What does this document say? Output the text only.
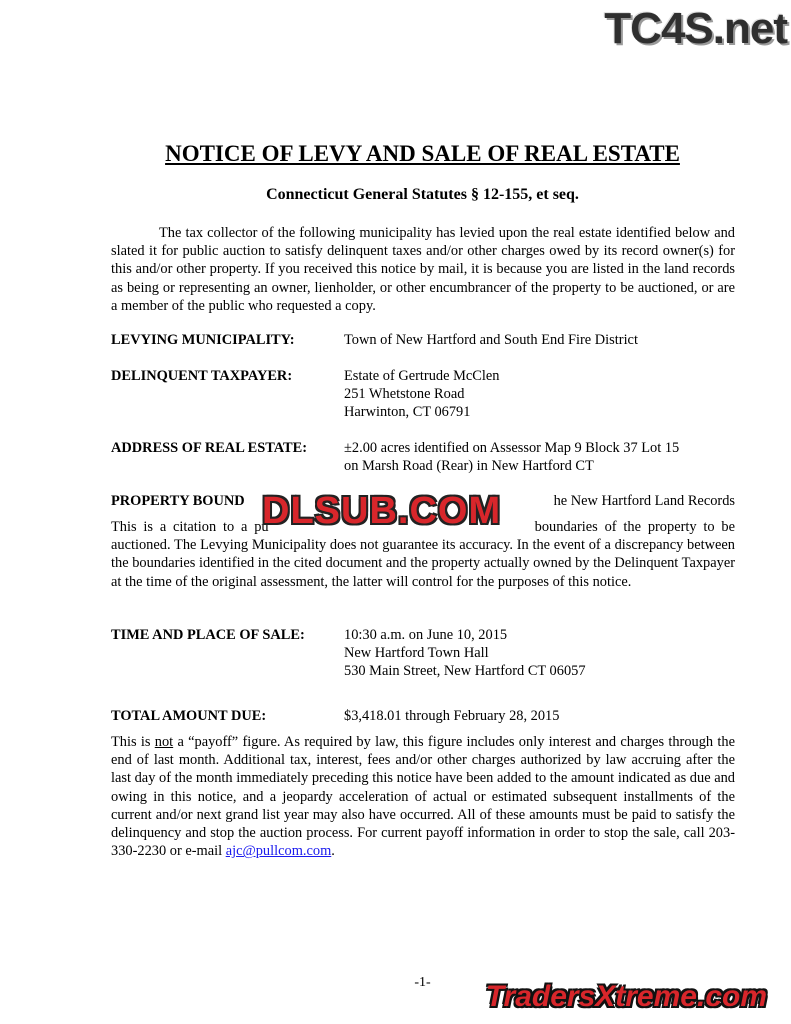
TC4S.net
NOTICE OF LEVY AND SALE OF REAL ESTATE
Connecticut General Statutes § 12-155, et seq.

The tax collector of the following municipality has levied upon the real estate identified below and slated it for public auction to satisfy delinquent taxes and/or other charges owed by its record owner(s) for this and/or other property. If you received this notice by mail, it is because you are listed in the land records as being or representing an owner, lienholder, or other encumbrancer of the property to be auctioned, or are a member of the public who requested a copy.

LEVYING MUNICIPALITY:	Town of New Hartford and South End Fire District
DELINQUENT TAXPAYER:	Estate of Gertrude McClen
251 Whetstone Road
Harwinton, CT 06791
ADDRESS OF REAL ESTATE:	±2.00 acres identified on Assessor Map 9 Block 37 Lot 15
on Marsh Road (Rear) in New Hartford CT
PROPERTY BOUND	he New Hartford Land Records

This is a citation to a pu	boundaries of the property to be auctioned. The Levying Municipality does not guarantee its accuracy. In the event of a discrepancy between the boundaries identified in the cited document and the property actually owned by the Delinquent Taxpayer at the time of the original assessment, the latter will control for the purposes of this notice.

DLSUB.COM
TIME AND PLACE OF SALE:	10:30 a.m. on June 10, 2015
New Hartford Town Hall
530 Main Street, New Hartford CT 06057
TOTAL AMOUNT DUE:	$3,418.01 through February 28, 2015

This is not a “payoff” figure. As required by law, this figure includes only interest and charges through the end of last month. Additional tax, interest, fees and/or other charges authorized by law accruing after the last day of the month immediately preceding this notice have been added to the amount indicated as due and owing in this notice, and a jeopardy acceleration of actual or estimated subsequent installments of the current and/or next grand list year may also have occurred. All of these amounts must be paid to satisfy the delinquency and stop the auction process. For current payoff information in order to stop the sale, call 203-330-2230 or e-mail ajc@pullcom.com.

-1-	TradersXtreme.com
